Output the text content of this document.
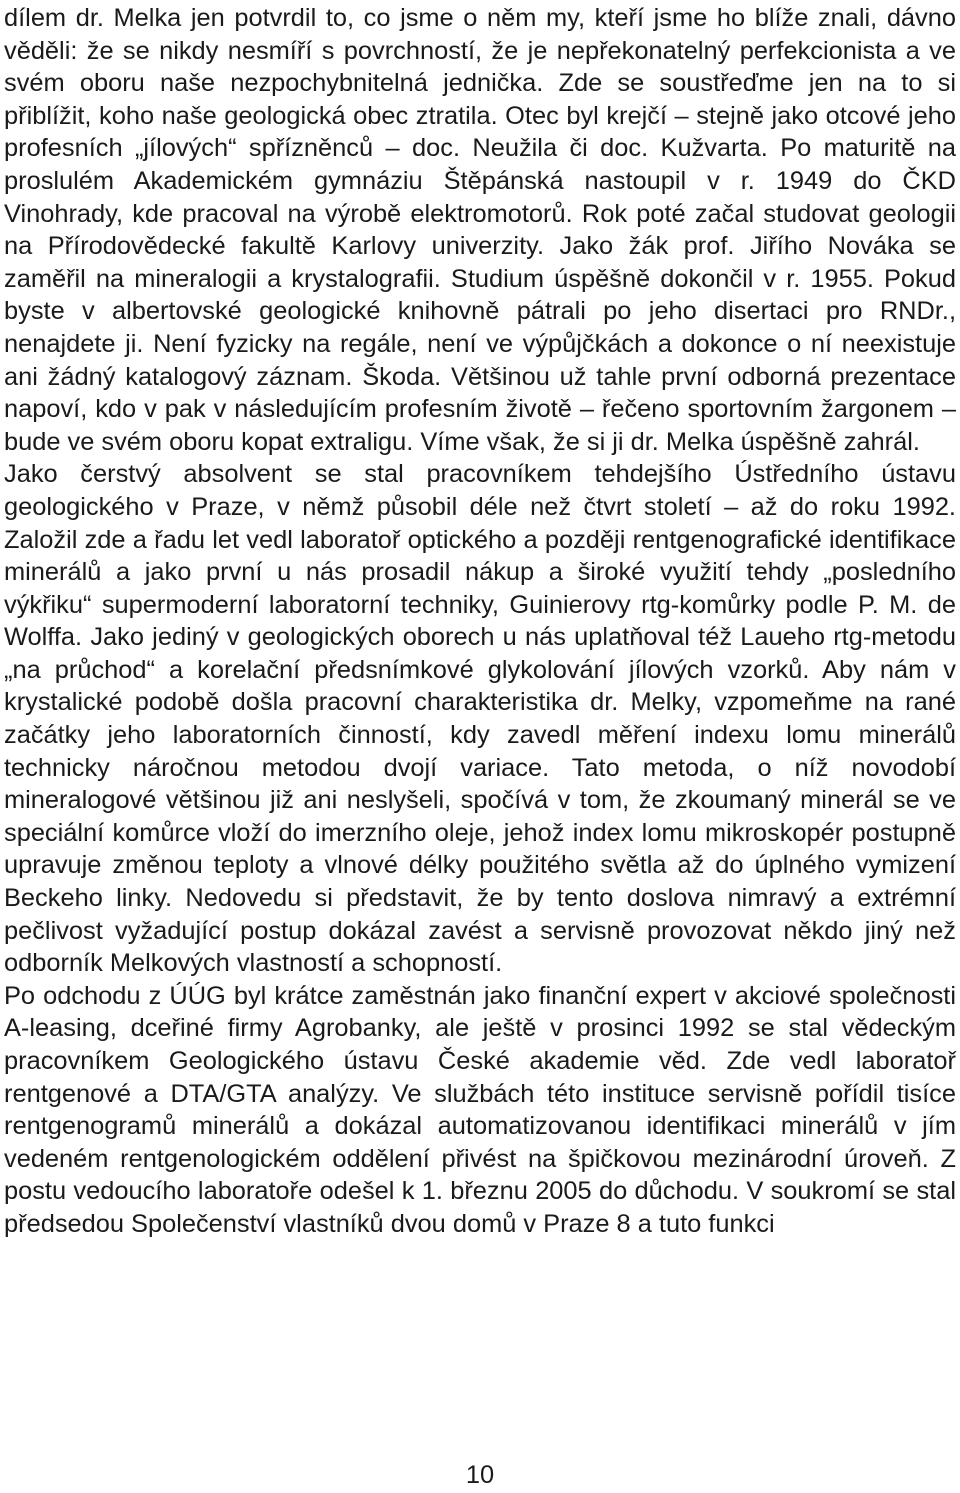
dílem dr. Melka jen potvrdil to, co jsme o něm my, kteří jsme ho blíže znali, dávno věděli: že se nikdy nesmíří s povrchností, že je nepřekonatelný perfekcionista a ve svém oboru naše nezpochybnitelná jednička. Zde se soustřeďme jen na to si přiblížit, koho naše geologická obec ztratila. Otec byl krejčí – stejně jako otcové jeho profesních „jílových“ spřízněnců – doc. Neužila či doc. Kužvarta. Po maturitě na proslulém Akademickém gymnáziu Štěpánská nastoupil v r. 1949 do ČKD Vinohrady, kde pracoval na výrobě elektromotorů. Rok poté začal studovat geologii na Přírodovědecké fakultě Karlovy univerzity. Jako žák prof. Jiřího Nováka se zaměřil na mineralogii a krystalografii. Studium úspěšně dokončil v r. 1955. Pokud byste v albertovské geologické knihovně pátrali po jeho disertaci pro RNDr., nenajdete ji. Není fyzicky na regále, není ve výpůjčkách a dokonce o ní neexistuje ani žádný katalogový záznam. Škoda. Většinou už tahle první odborná prezentace napoví, kdo v pak v následujícím profesním životě – řečeno sportovním žargonem – bude ve svém oboru kopat extraligu. Víme však, že si ji dr. Melka úspěšně zahrál.

Jako čerstvý absolvent se stal pracovníkem tehdejšího Ústředního ústavu geologického v Praze, v němž působil déle než čtvrt století – až do roku 1992. Založil zde a řadu let vedl laboratoř optického a později rentgenografické identifikace minerálů a jako první u nás prosadil nákup a široké využití tehdy „posledního výkřiku“ supermoderní laboratorní techniky, Guinierovy rtg-komůrky podle P. M. de Wolffa. Jako jediný v geologických oborech u nás uplatňoval též Laueho rtg-metodu „na průchod“ a korelační předsnímkové glykolování jílových vzorků. Aby nám v krystalické podobě došla pracovní charakteristika dr. Melky, vzpomeňme na rané začátky jeho laboratorních činností, kdy zavedl měření indexu lomu minerálů technicky náročnou metodou dvojí variace. Tato metoda, o níž novodobí mineralogové většinou již ani neslyšeli, spočívá v tom, že zkoumaný minerál se ve speciální komůrce vloží do imerzního oleje, jehož index lomu mikroskopér postupně upravuje změnou teploty a vlnové délky použitého světla až do úplného vymizení Beckeho linky. Nedovedu si představit, že by tento doslova nimravý a extrémní pečlivost vyžadující postup dokázal zavést a servisně provozovat někdo jiný než odborník Melkových vlastností a schopností.

Po odchodu z ÚÚG byl krátce zaměstnán jako finanční expert v akciové společnosti A-leasing, dceřiné firmy Agrobanky, ale ještě v prosinci 1992 se stal vědeckým pracovníkem Geologického ústavu České akademie věd. Zde vedl laboratoř rentgenové a DTA/GTA analýzy. Ve službách této instituce servisně pořídil tisíce rentgenogramů minerálů a dokázal automatizovanou identifikaci minerálů v jím vedeném rentgenologickém oddělení přivést na špičkovou mezinárodní úroveň. Z postu vedoucího laboratoře odešel k 1. březnu 2005 do důchodu. V soukromí se stal předsedou Společenství vlastníků dvou domů v Praze 8 a tuto funkci

10
